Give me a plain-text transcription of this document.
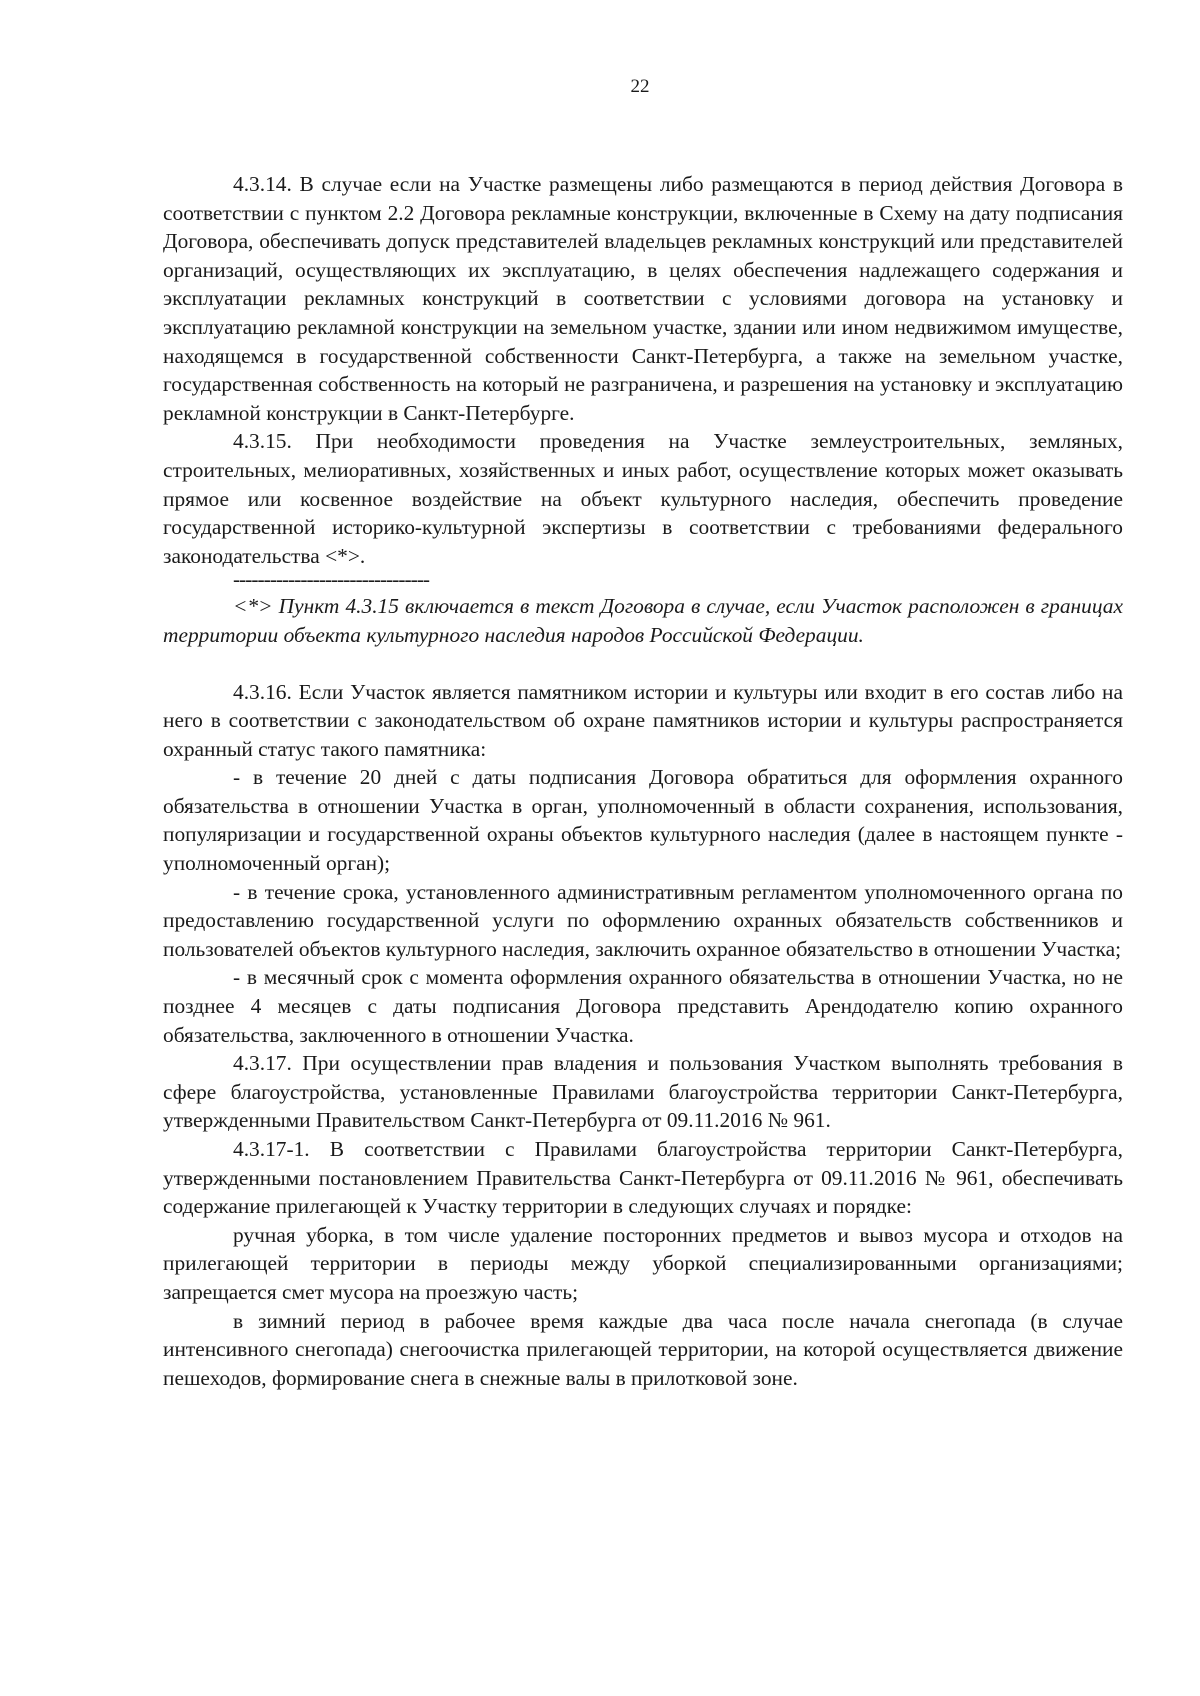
22

4.3.14. В случае если на Участке размещены либо размещаются в период действия Договора в соответствии с пунктом 2.2 Договора рекламные конструкции, включенные в Схему на дату подписания Договора, обеспечивать допуск представителей владельцев рекламных конструкций или представителей организаций, осуществляющих их эксплуатацию, в целях обеспечения надлежащего содержания и эксплуатации рекламных конструкций в соответствии с условиями договора на установку и эксплуатацию рекламной конструкции на земельном участке, здании или ином недвижимом имуществе, находящемся в государственной собственности Санкт-Петербурга, а также на земельном участке, государственная собственность на который не разграничена, и разрешения на установку и эксплуатацию рекламной конструкции в Санкт-Петербурге.

4.3.15. При необходимости проведения на Участке землеустроительных, земляных, строительных, мелиоративных, хозяйственных и иных работ, осуществление которых может оказывать прямое или косвенное воздействие на объект культурного наследия, обеспечить проведение государственной историко-культурной экспертизы в соответствии с требованиями федерального законодательства <*>.

--------------------------------

<*> Пункт 4.3.15 включается в текст Договора в случае, если Участок расположен в границах территории объекта культурного наследия народов Российской Федерации.

4.3.16. Если Участок является памятником истории и культуры или входит в его состав либо на него в соответствии с законодательством об охране памятников истории и культуры распространяется охранный статус такого памятника:

- в течение 20 дней с даты подписания Договора обратиться для оформления охранного обязательства в отношении Участка в орган, уполномоченный в области сохранения, использования, популяризации и государственной охраны объектов культурного наследия (далее в настоящем пункте - уполномоченный орган);

- в течение срока, установленного административным регламентом уполномоченного органа по предоставлению государственной услуги по оформлению охранных обязательств собственников и пользователей объектов культурного наследия, заключить охранное обязательство в отношении Участка;

- в месячный срок с момента оформления охранного обязательства в отношении Участка, но не позднее 4 месяцев с даты подписания Договора представить Арендодателю копию охранного обязательства, заключенного в отношении Участка.

4.3.17. При осуществлении прав владения и пользования Участком выполнять требования в сфере благоустройства, установленные Правилами благоустройства территории Санкт-Петербурга, утвержденными Правительством Санкт-Петербурга от 09.11.2016 № 961.

4.3.17-1. В соответствии с Правилами благоустройства территории Санкт-Петербурга, утвержденными постановлением Правительства Санкт-Петербурга от 09.11.2016 № 961, обеспечивать содержание прилегающей к Участку территории в следующих случаях и порядке:

ручная уборка, в том числе удаление посторонних предметов и вывоз мусора и отходов на прилегающей территории в периоды между уборкой специализированными организациями; запрещается смет мусора на проезжую часть;

в зимний период в рабочее время каждые два часа после начала снегопада (в случае интенсивного снегопада) снегоочистка прилегающей территории, на которой осуществляется движение пешеходов, формирование снега в снежные валы в прилотковой зоне.
